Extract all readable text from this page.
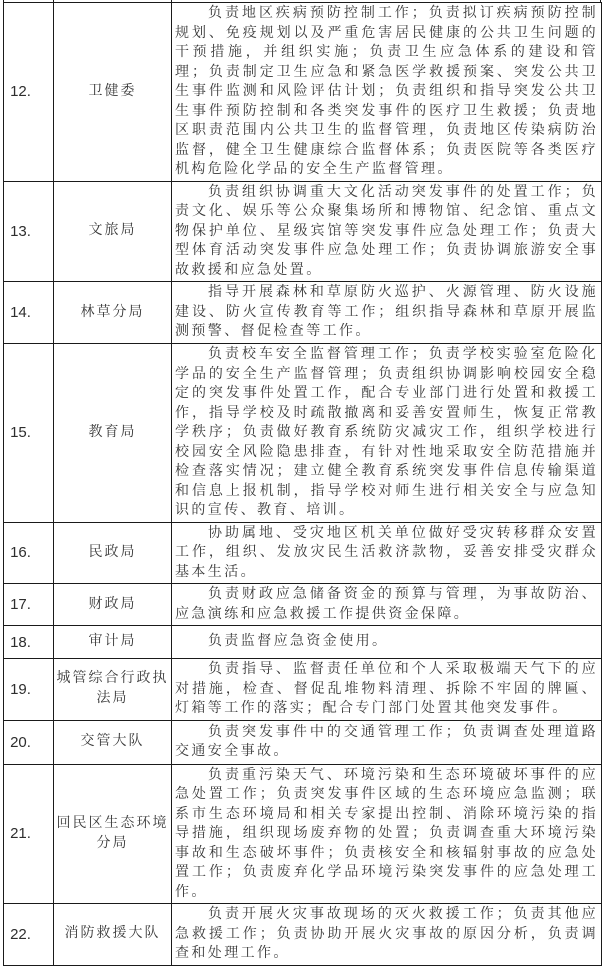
12.	卫健委	负责地区疾病预防控制工作；负责拟订疾病预防控制规划、免疫规划以及严重危害居民健康的公共卫生问题的干预措施，并组织实施；负责卫生应急体系的建设和管理；负责制定卫生应急和紧急医学救援预案、突发公共卫生事件监测和风险评估计划；负责组织和指导突发公共卫生事件预防控制和各类突发事件的医疗卫生救援；负责地区职责范围内公共卫生的监督管理，负责地区传染病防治监督，健全卫生健康综合监督体系；负责医院等各类医疗机构危险化学品的安全生产监督管理。

13.	文旅局	负责组织协调重大文化活动突发事件的处置工作；负责文化、娱乐等公众聚集场所和博物馆、纪念馆、重点文物保护单位、星级宾馆等突发事件应急处理工作；负责大型体育活动突发事件应急处理工作；负责协调旅游安全事故救援和应急处置。

14.	林草分局	指导开展森林和草原防火巡护、火源管理、防火设施建设、防火宣传教育等工作；组织指导森林和草原开展监测预警、督促检查等工作。

15.	教育局	负责校车安全监督管理工作；负责学校实验室危险化学品的安全生产监督管理；负责组织协调影响校园安全稳定的突发事件处置工作，配合专业部门进行处置和救援工作，指导学校及时疏散撤离和妥善安置师生，恢复正常教学秩序；负责做好教育系统防灾减灾工作，组织学校进行校园安全风险隐患排查，有针对性地采取安全防范措施并检查落实情况；建立健全教育系统突发事件信息传输渠道和信息上报机制，指导学校对师生进行相关安全与应急知识的宣传、教育、培训。

16.	民政局	协助属地、受灾地区机关单位做好受灾转移群众安置工作，组织、发放灾民生活救济款物，妥善安排受灾群众基本生活。

17.	财政局	负责财政应急储备资金的预算与管理，为事故防治、应急演练和应急救援工作提供资金保障。

18.	审计局	负责监督应急资金使用。

19.	城管综合行政执法局	负责指导、监督责任单位和个人采取极端天气下的应对措施，检查、督促乱堆物料清理、拆除不牢固的牌匾、灯箱等工作的落实；配合专门部门处置其他突发事件。

20.	交管大队	负责突发事件中的交通管理工作；负责调查处理道路交通安全事故。

21.	回民区生态环境分局	负责重污染天气、环境污染和生态环境破坏事件的应急处置工作；负责突发事件区域的生态环境应急监测；联系市生态环境局和相关专家提出控制、消除环境污染的指导措施，组织现场废弃物的处置；负责调查重大环境污染事故和生态破坏事件；负责核安全和核辐射事故的应急处置工作；负责废弃化学品环境污染突发事件的应急处理工作。

22.	消防救援大队	负责开展火灾事故现场的灭火救援工作；负责其他应急救援工作；负责协助开展火灾事故的原因分析，负责调查和处理工作。
